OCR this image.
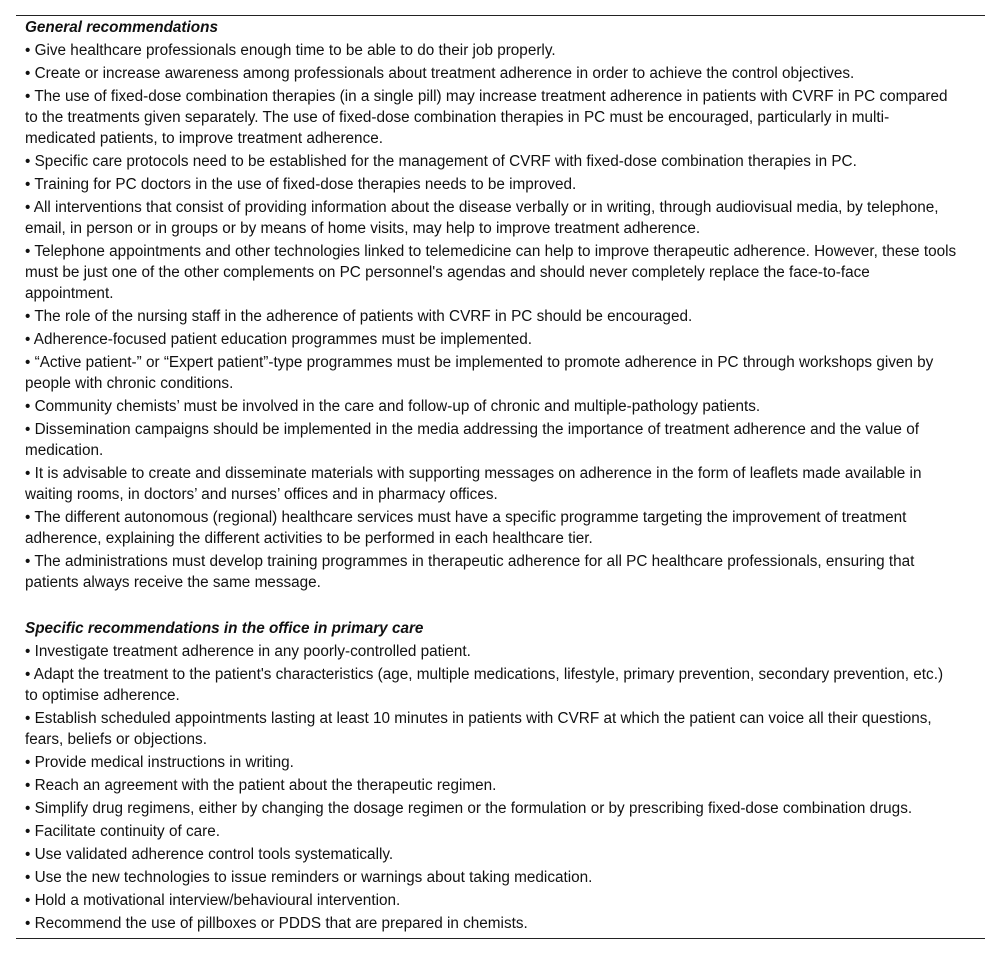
General recommendations
• Give healthcare professionals enough time to be able to do their job properly.
• Create or increase awareness among professionals about treatment adherence in order to achieve the control objectives.
• The use of fixed-dose combination therapies (in a single pill) may increase treatment adherence in patients with CVRF in PC compared to the treatments given separately. The use of fixed-dose combination therapies in PC must be encouraged, particularly in multi-medicated patients, to improve treatment adherence.
• Specific care protocols need to be established for the management of CVRF with fixed-dose combination therapies in PC.
• Training for PC doctors in the use of fixed-dose therapies needs to be improved.
• All interventions that consist of providing information about the disease verbally or in writing, through audiovisual media, by telephone, email, in person or in groups or by means of home visits, may help to improve treatment adherence.
• Telephone appointments and other technologies linked to telemedicine can help to improve therapeutic adherence. However, these tools must be just one of the other complements on PC personnel's agendas and should never completely replace the face-to-face appointment.
• The role of the nursing staff in the adherence of patients with CVRF in PC should be encouraged.
• Adherence-focused patient education programmes must be implemented.
• “Active patient-” or “Expert patient”-type programmes must be implemented to promote adherence in PC through workshops given by people with chronic conditions.
• Community chemists’ must be involved in the care and follow-up of chronic and multiple-pathology patients.
• Dissemination campaigns should be implemented in the media addressing the importance of treatment adherence and the value of medication.
• It is advisable to create and disseminate materials with supporting messages on adherence in the form of leaflets made available in waiting rooms, in doctors’ and nurses’ offices and in pharmacy offices.
• The different autonomous (regional) healthcare services must have a specific programme targeting the improvement of treatment adherence, explaining the different activities to be performed in each healthcare tier.
• The administrations must develop training programmes in therapeutic adherence for all PC healthcare professionals, ensuring that patients always receive the same message.
Specific recommendations in the office in primary care
• Investigate treatment adherence in any poorly-controlled patient.
• Adapt the treatment to the patient's characteristics (age, multiple medications, lifestyle, primary prevention, secondary prevention, etc.) to optimise adherence.
• Establish scheduled appointments lasting at least 10 minutes in patients with CVRF at which the patient can voice all their questions, fears, beliefs or objections.
• Provide medical instructions in writing.
• Reach an agreement with the patient about the therapeutic regimen.
• Simplify drug regimens, either by changing the dosage regimen or the formulation or by prescribing fixed-dose combination drugs.
• Facilitate continuity of care.
• Use validated adherence control tools systematically.
• Use the new technologies to issue reminders or warnings about taking medication.
• Hold a motivational interview/behavioural intervention.
• Recommend the use of pillboxes or PDDS that are prepared in chemists.
